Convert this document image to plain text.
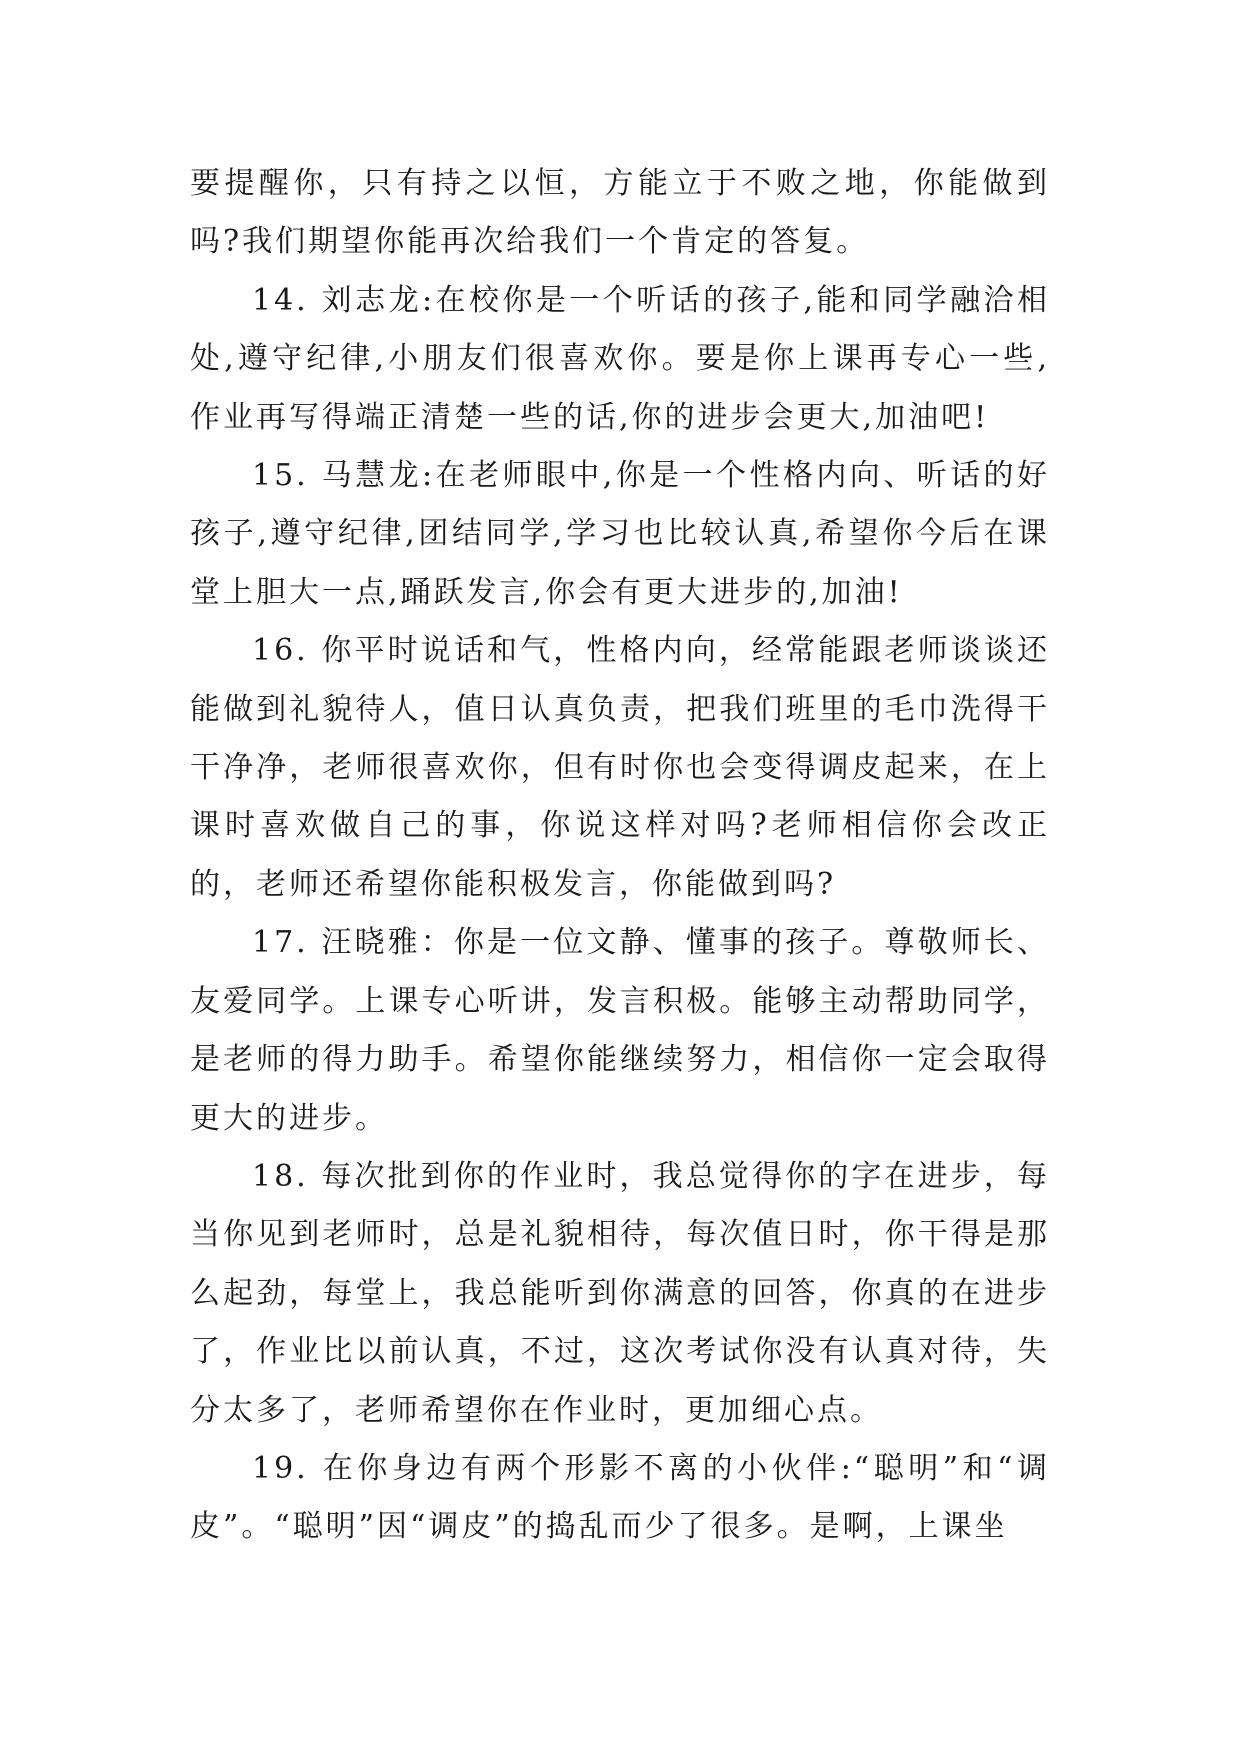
要提醒你，只有持之以恒，方能立于不败之地，你能做到吗?我们期望你能再次给我们一个肯定的答复。

14. 刘志龙:在校你是一个听话的孩子,能和同学融洽相处,遵守纪律,小朋友们很喜欢你。要是你上课再专心一些,作业再写得端正清楚一些的话,你的进步会更大,加油吧!

15. 马慧龙:在老师眼中,你是一个性格内向、听话的好孩子,遵守纪律,团结同学,学习也比较认真,希望你今后在课堂上胆大一点,踊跃发言,你会有更大进步的,加油!

16. 你平时说话和气，性格内向，经常能跟老师谈谈还能做到礼貌待人，值日认真负责，把我们班里的毛巾洗得干干净净，老师很喜欢你，但有时你也会变得调皮起来，在上课时喜欢做自己的事，你说这样对吗?老师相信你会改正的，老师还希望你能积极发言，你能做到吗?

17. 汪晓雅：你是一位文静、懂事的孩子。尊敬师长、友爱同学。上课专心听讲，发言积极。能够主动帮助同学，是老师的得力助手。希望你能继续努力，相信你一定会取得更大的进步。

18. 每次批到你的作业时，我总觉得你的字在进步，每当你见到老师时，总是礼貌相待，每次值日时，你干得是那么起劲，每堂上，我总能听到你满意的回答，你真的在进步了，作业比以前认真，不过，这次考试你没有认真对待，失分太多了，老师希望你在作业时，更加细心点。

19. 在你身边有两个形影不离的小伙伴:“聪明”和“调皮”。“聪明”因“调皮”的捣乱而少了很多。是啊，上课坐
